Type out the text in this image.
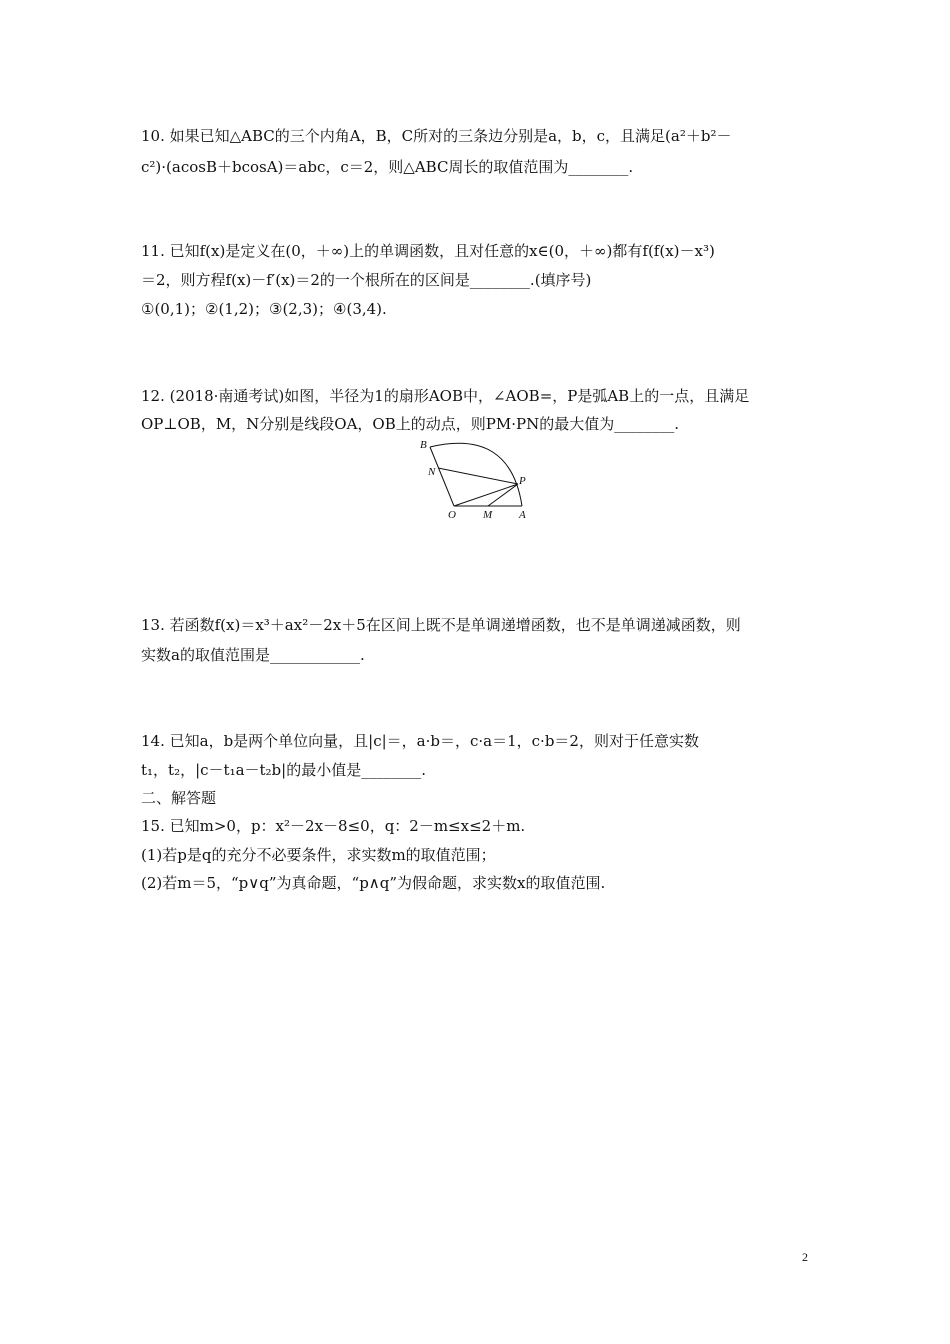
10. 如果已知△ABC的三个内角A，B，C所对的三条边分别是a，b，c，且满足(a²＋b²－
c²)·(acosB＋bcosA)＝abc，c＝2，则△ABC周长的取值范围为________.
11. 已知f(x)是定义在(0，＋∞)上的单调函数，且对任意的x∈(0，＋∞)都有f(f(x)－x³)
＝2，则方程f(x)－f′(x)＝2的一个根所在的区间是________.(填序号)
①(0,1)；②(1,2)；③(2,3)；④(3,4).
12. (2018·南通考试)如图，半径为1的扇形AOB中，∠AOB=，P是弧AB上的一点，且满足
OP⊥OB，M，N分别是线段OA，OB上的动点，则PM·PN的最大值为________.
B
N
P
O M A
13. 若函数f(x)＝x³＋ax²－2x＋5在区间上既不是单调递增函数，也不是单调递减函数，则
实数a的取值范围是____________.
14. 已知a，b是两个单位向量，且|c|＝，a·b＝，c·a＝1，c·b＝2，则对于任意实数
t₁，t₂，|c－t₁a－t₂b|的最小值是________.
二、解答题
15. 已知m>0，p：x²－2x－8≤0，q：2－m≤x≤2＋m.
(1)若p是q的充分不必要条件，求实数m的取值范围；
(2)若m＝5，“p∨q”为真命题，“p∧q”为假命题，求实数x的取值范围.
2
